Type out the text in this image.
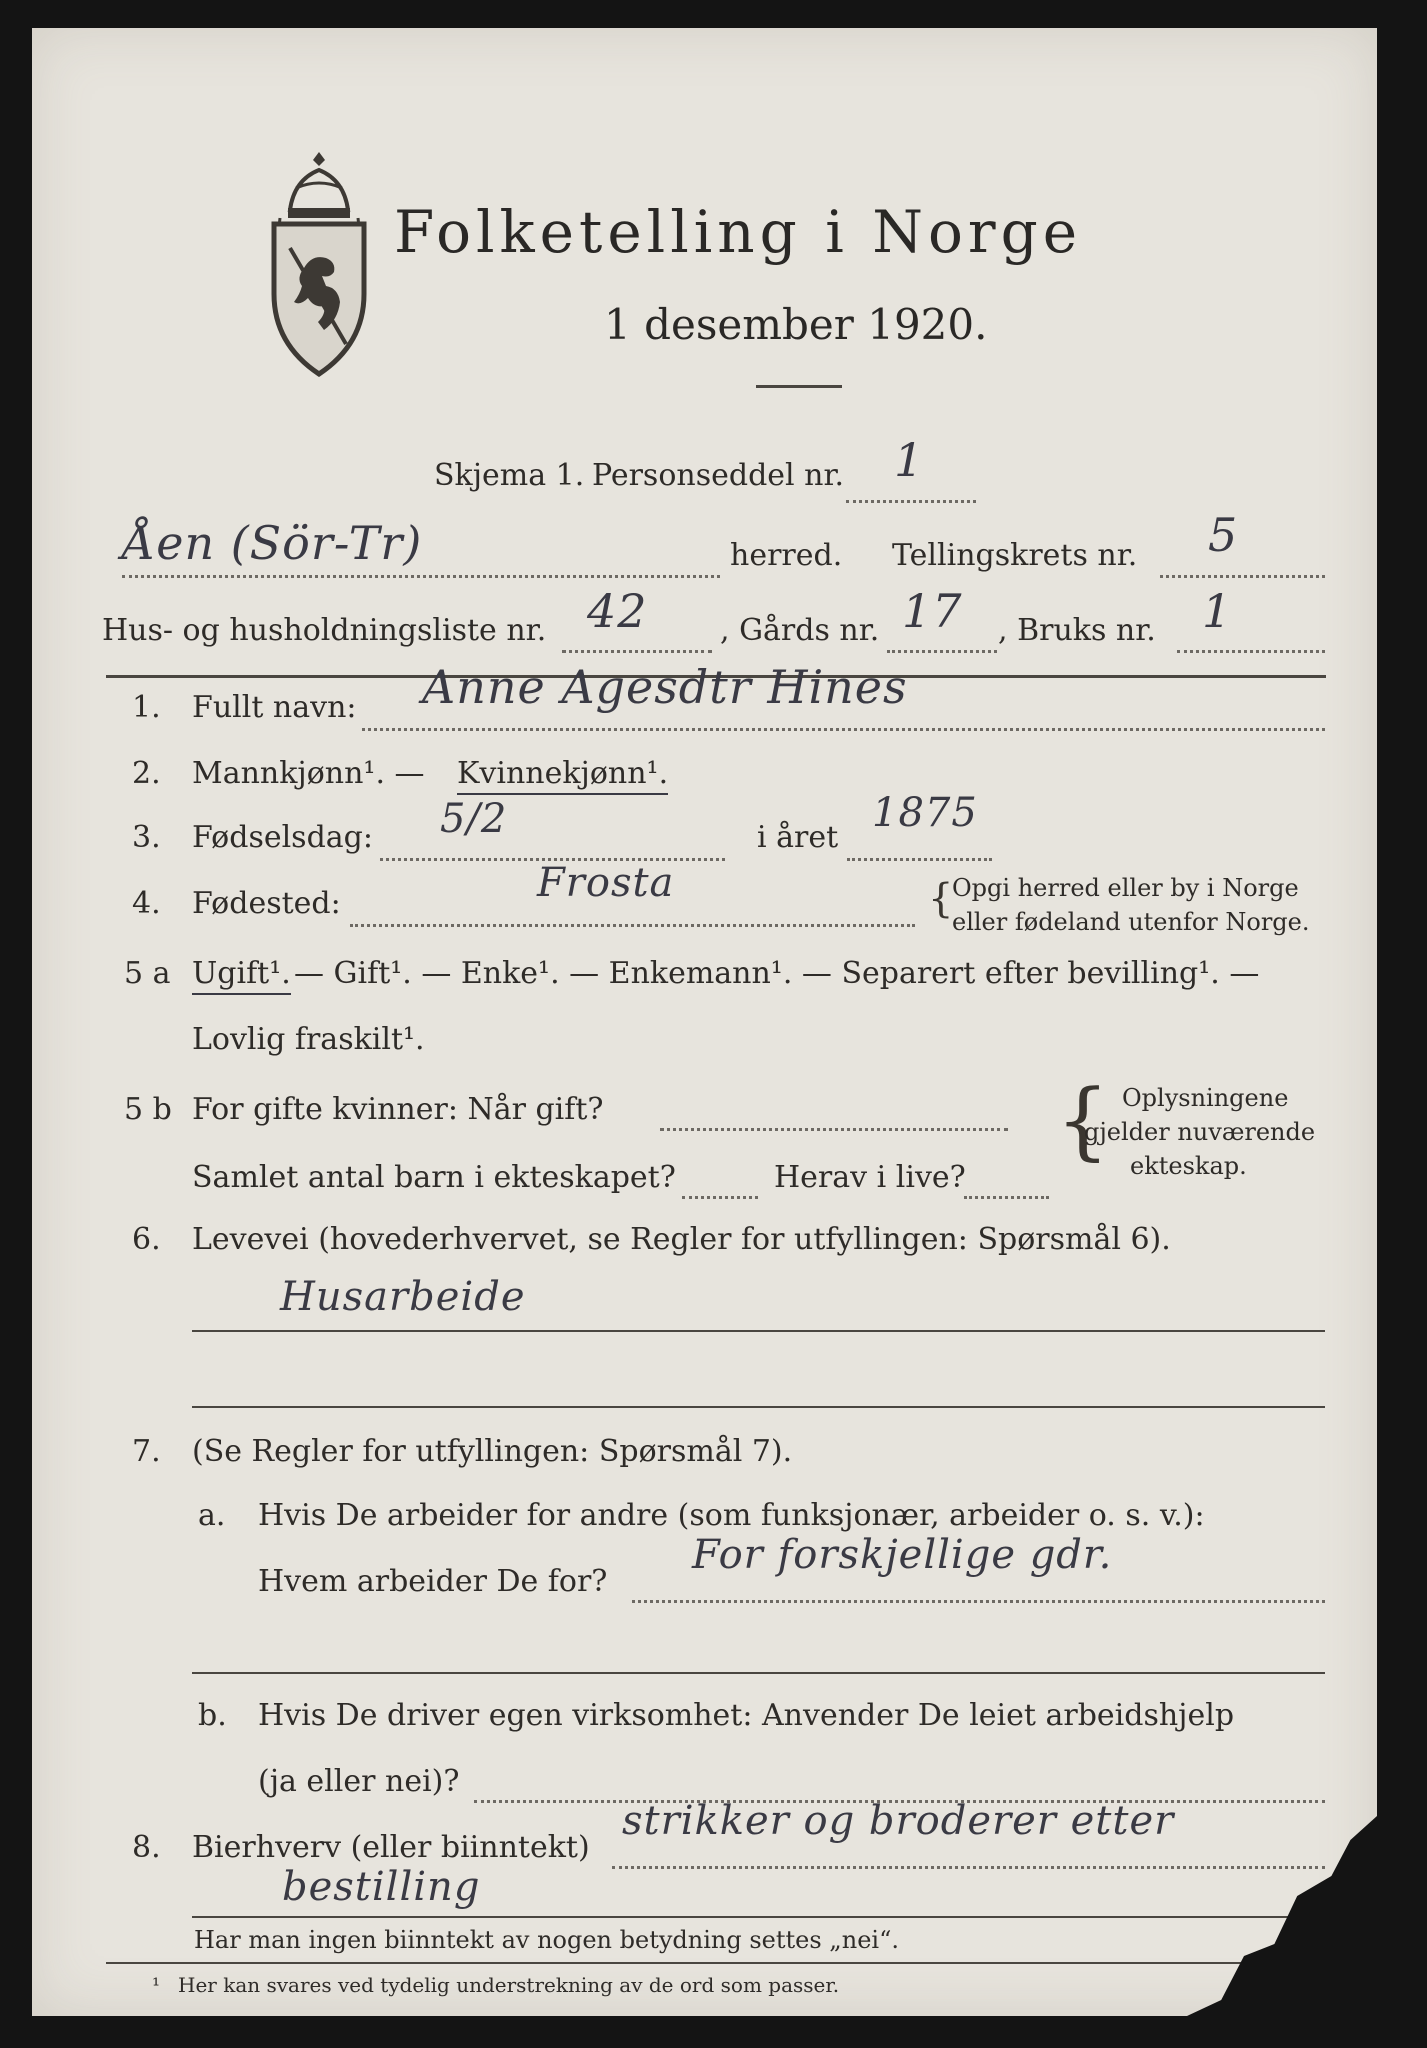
Folketelling i Norge
1 desember 1920.
Skjema 1. Personseddel nr. 1
Åen (Sör-Tr)	herred. Tellingskrets nr. 5
Hus- og husholdningsliste nr. 42 , Gårds nr. 17 , Bruks nr. 1
1. Fullt navn: Anne Agesdtr Hines
2. Mannkjønn¹. — Kvinnekjønn¹.
3. Fødselsdag: 5/2	i året
1875
4. Fødested:	Frosta	{
Opgi herred eller by i Norge
eller fødeland utenfor Norge.
5 a Ugift¹. — Gift¹. — Enke¹. — Enkemann¹. — Separert efter bevilling¹. —
Lovlig fraskilt¹.
5 b For gifte kvinner: Når gift?
Samlet antal barn i ekteskapet?	Herav i live?
{ Oplysningene
gjelder nuværende
ekteskap.
6. Levevei (hovederhvervet, se Regler for utfyllingen: Spørsmål 6).
Husarbeide
7. (Se Regler for utfyllingen: Spørsmål 7).
a. Hvis De arbeider for andre (som funksjonær, arbeider o. s. v.):
Hvem arbeider De for?
For forskjellige gdr.
b. Hvis De driver egen virksomhet: Anvender De leiet arbeidshjelp
(ja eller nei)?
8. Bierhverv (eller biinntekt)
strikker og broderer etter
bestilling
Har man ingen biinntekt av nogen betydning settes „nei“.
¹ Her kan svares ved tydelig understrekning av de ord som passer.
